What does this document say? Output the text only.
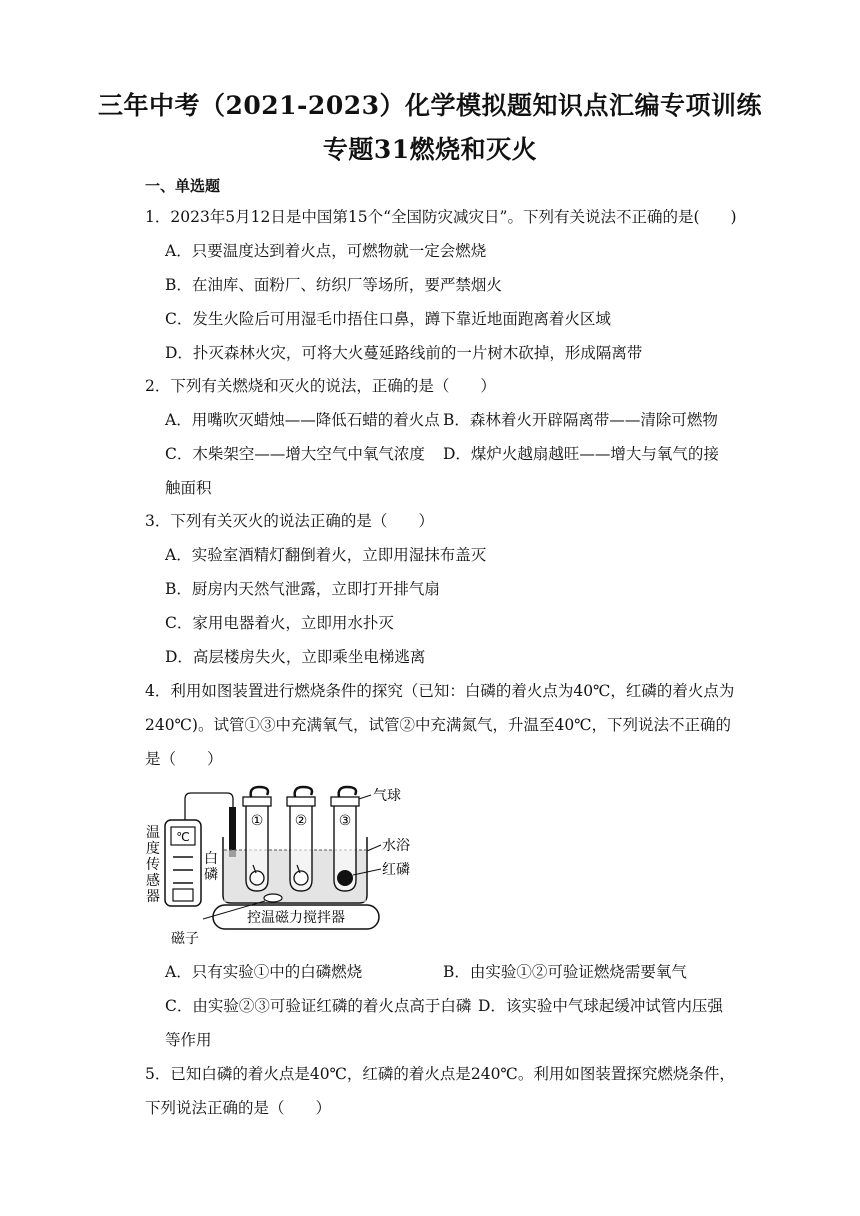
三年中考（2021-2023）化学模拟题知识点汇编专项训练
专题31燃烧和灭火
一、单选题
1．2023年5月12日是中国第15个“全国防灾减灾日”。下列有关说法不正确的是(　　)
A．只要温度达到着火点，可燃物就一定会燃烧
B．在油库、面粉厂、纺织厂等场所，要严禁烟火
C．发生火险后可用湿毛巾捂住口鼻，蹲下靠近地面跑离着火区域
D．扑灭森林火灾，可将大火蔓延路线前的一片树木砍掉，形成隔离带
2．下列有关燃烧和灭火的说法，正确的是（　　）
A．用嘴吹灭蜡烛——降低石蜡的着火点 B．森林着火开辟隔离带——清除可燃物
C．木柴架空——增大空气中氧气浓度 D．煤炉火越扇越旺——增大与氧气的接
触面积
3．下列有关灭火的说法正确的是（　　）
A．实验室酒精灯翻倒着火，立即用湿抹布盖灭
B．厨房内天然气泄露，立即打开排气扇
C．家用电器着火，立即用水扑灭
D．高层楼房失火，立即乘坐电梯逃离
4．利用如图装置进行燃烧条件的探究（已知：白磷的着火点为40℃，红磷的着火点为
240℃)。试管①③中充满氧气，试管②中充满氮气，升温至40℃，下列说法不正确的
是（　　）
℃
温
度
传
感
器
白
磷
① ② ③
气球
水浴
红磷
控温磁力搅拌器
磁子
A．只有实验①中的白磷燃烧	B．由实验①②可验证燃烧需要氧气
C．由实验②③可验证红磷的着火点高于白磷 D．该实验中气球起缓冲试管内压强
等作用
5．已知白磷的着火点是40℃，红磷的着火点是240℃。利用如图装置探究燃烧条件，
下列说法正确的是（　　）
